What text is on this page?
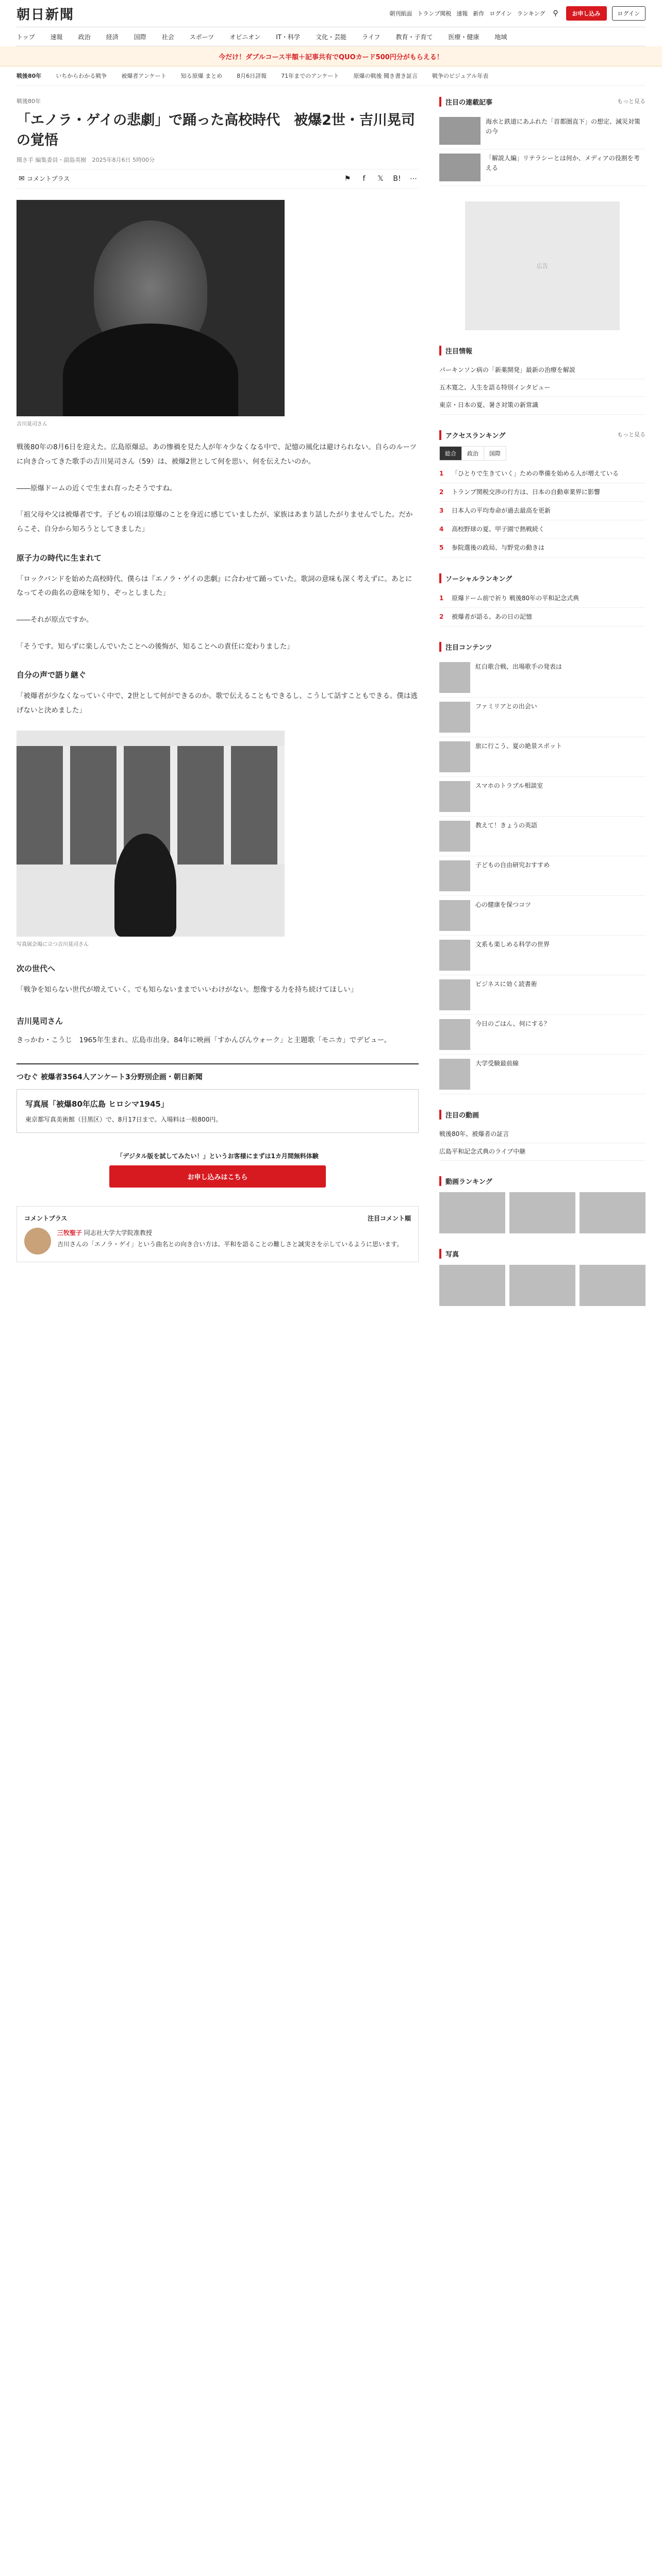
朝日新聞	朝刊紙面 トランプ関税 速報 新作 ログイン ランキング	⚲	お申し込み	ログイン
トップ	速報	政治	経済	国際	社会	スポーツ	オピニオン	IT・科学	文化・芸能	ライフ	教育・子育て	医療・健康	地域
今だけ！ダブルコース半額＋記事共有でQUOカード500円分がもらえる！
戦後80年	いちからわかる戦争	被爆者アンケート	知る原爆 まとめ	8月6日詳報	71年までのアンケート	原爆の戦後 聞き書き証言	戦争のビジュアル年表
戦後80年
「エノラ・ゲイの悲劇」で踊った高校時代　被爆2世・吉川晃司の覚悟
聞き手 編集委員・副島英樹　2025年8月6日 5時00分
✉ コメントプラス	⚑	f	𝕏	B! ⋯
吉川晃司さん

戦後80年の8月6日を迎えた。広島原爆忌。あの惨禍を見た人が年々少なくなる中で、記憶の風化は避けられない。自らのルーツに向き合ってきた歌手の吉川晃司さん（59）は、被爆2世として何を思い、何を伝えたいのか。

――原爆ドームの近くで生まれ育ったそうですね。

「祖父母や父は被爆者です。子どもの頃は原爆のことを身近に感じていましたが、家族はあまり話したがりませんでした。だからこそ、自分から知ろうとしてきました」

原子力の時代に生まれて

「ロックバンドを始めた高校時代、僕らは『エノラ・ゲイの悲劇』に合わせて踊っていた。歌詞の意味も深く考えずに。あとになってその曲名の意味を知り、ぞっとしました」

――それが原点ですか。

「そうです。知らずに楽しんでいたことへの後悔が、知ることへの責任に変わりました」

自分の声で語り継ぐ

「被爆者が少なくなっていく中で、2世として何ができるのか。歌で伝えることもできるし、こうして話すこともできる。僕は逃げないと決めました」

写真展会場に立つ吉川晃司さん
次の世代へ

「戦争を知らない世代が増えていく。でも知らないままでいいわけがない。想像する力を持ち続けてほしい」

吉川晃司さん

きっかわ・こうじ　1965年生まれ。広島市出身。84年に映画「すかんぴんウォーク」と主題歌「モニカ」でデビュー。

つむぐ 被爆者3564人アンケート3分野別企画・朝日新聞
写真展「被爆80年広島 ヒロシマ1945」
東京都写真美術館（目黒区）で、8月17日まで。入場料は一般800円。
「デジタル版を試してみたい！」というお客様にまずは1カ月間無料体験
お申し込みはこちら
コメントプラス	注目コメント順
三牧聖子 同志社大学大学院准教授
吉川さんの「エノラ・ゲイ」という曲名との向き合い方は、平和を語ることの難しさと誠実さを示しているように思います。
注目の連載記事	もっと見る
海水と鉄道にあふれた「首都圏直下」の想定、減災対策の今
「解説人編」リテラシーとは何か、メディアの役割を考える
広告
注目情報
パーキンソン病の「新薬開発」最新の治療を解説
五木寛之、人生を語る特別インタビュー
東京・日本の夏、暑さ対策の新常識
アクセスランキング	もっと見る
総合	政治	国際
1	「ひとりで生きていく」ための準備を始める人が増えている
2	トランプ関税交渉の行方は、日本の自動車業界に影響
3	日本人の平均寿命が過去最高を更新
4	高校野球の夏、甲子園で熱戦続く
5	参院選後の政局、与野党の動きは
ソーシャルランキング
1	原爆ドーム前で祈り 戦後80年の平和記念式典
2	被爆者が語る、あの日の記憶
注目コンテンツ
紅白歌合戦、出場歌手の発表は
ファミリアとの出会い
旅に行こう、夏の絶景スポット
スマホのトラブル相談室
教えて！きょうの英語
子どもの自由研究おすすめ
心の健康を保つコツ
文系も楽しめる科学の世界
ビジネスに効く読書術
今日のごはん、何にする？
大学受験最前線
注目の動画
戦後80年、被爆者の証言
広島平和記念式典のライブ中継
動画ランキング
写真
